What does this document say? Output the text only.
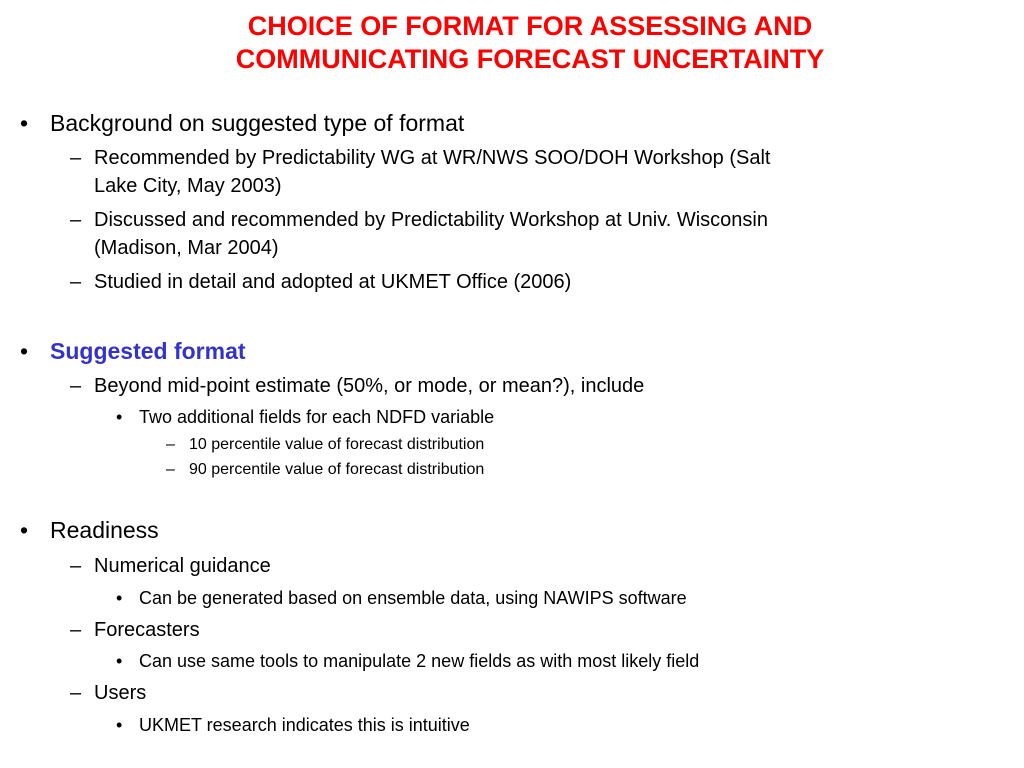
CHOICE OF FORMAT FOR ASSESSING AND
COMMUNICATING FORECAST UNCERTAINTY
• Background on suggested type of format
– Recommended by Predictability WG at WR/NWS SOO/DOH Workshop (Salt
Lake City, May 2003)
– Discussed and recommended by Predictability Workshop at Univ. Wisconsin
(Madison, Mar 2004)
– Studied in detail and adopted at UKMET Office (2006)
• Suggested format
– Beyond mid-point estimate (50%, or mode, or mean?), include
• Two additional fields for each NDFD variable
– 10 percentile value of forecast distribution
– 90 percentile value of forecast distribution
• Readiness
– Numerical guidance
• Can be generated based on ensemble data, using NAWIPS software
– Forecasters
• Can use same tools to manipulate 2 new fields as with most likely field
– Users
• UKMET research indicates this is intuitive
